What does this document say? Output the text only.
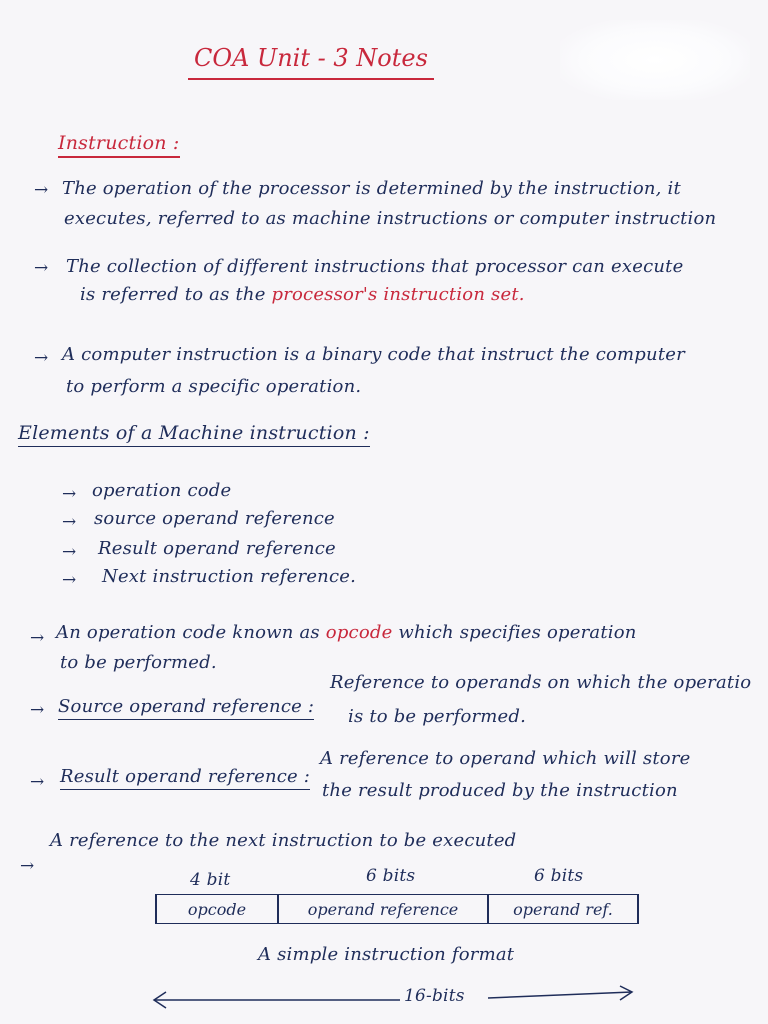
COA Unit - 3 Notes
Instruction :
→ The operation of the processor is determined by the instruction, it
executes, referred to as machine instructions or computer instruction
→ The collection of different instructions that processor can execute
is referred to as the processor's instruction set.
→ A computer instruction is a binary code that instruct the computer
to perform a specific operation.
Elements of a Machine instruction :
→ operation code
→ source operand reference
→ Result operand reference
→ Next instruction reference.
→ An operation code known as opcode which specifies operation
to be performed.
→ Source operand reference :
Reference to operands on which the operatio
is to be performed.
→ Result operand reference :
A reference to operand which will store
the result produced by the instruction
→
A reference to the next instruction to be executed
4 bit	6 bits	6 bits
opcode	operand reference	operand ref.
A simple instruction format
16-bits
